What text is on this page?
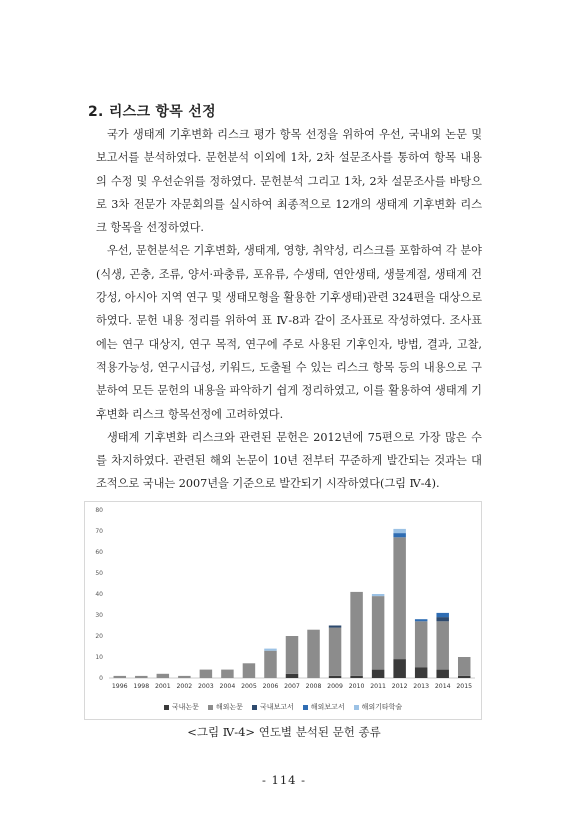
2. 리스크 항목 선정

국가 생태계 기후변화 리스크 평가 항목 선정을 위하여 우선, 국내외 논문 및 보고서를 분석하였다. 문헌분석 이외에 1차, 2차 설문조사를 통하여 항목 내용의 수정 및 우선순위를 정하였다. 문헌분석 그리고 1차, 2차 설문조사를 바탕으로 3차 전문가 자문회의를 실시하여 최종적으로 12개의 생태계 기후변화 리스크 항목을 선정하였다.

우선, 문헌분석은 기후변화, 생태계, 영향, 취약성, 리스크를 포함하여 각 분야(식생, 곤충, 조류, 양서·파충류, 포유류, 수생태, 연안생태, 생물계절, 생태계 건강성, 아시아 지역 연구 및 생태모형을 활용한 기후생태)관련 324편을 대상으로 하였다. 문헌 내용 정리를 위하여 표 Ⅳ-8과 같이 조사표로 작성하였다. 조사표에는 연구 대상지, 연구 목적, 연구에 주로 사용된 기후인자, 방법, 결과, 고찰, 적용가능성, 연구시급성, 키워드, 도출될 수 있는 리스크 항목 등의 내용으로 구분하여 모든 문헌의 내용을 파악하기 쉽게 정리하였고, 이를 활용하여 생태계 기후변화 리스크 항목선정에 고려하였다.

생태계 기후변화 리스크와 관련된 문헌은 2012년에 75편으로 가장 많은 수를 차지하였다. 관련된 해외 논문이 10년 전부터 꾸준하게 발간되는 것과는 대조적으로 국내는 2007년을 기준으로 발간되기 시작하였다(그림 Ⅳ-4).

0
10
20
30
40
50
60
70
80
1996 1998 2001 2002 2003 2004 2005 2006 2007 2008 2009 2010 2011 2012 2013 2014 2015
국내논문 해외논문 국내보고서 해외보고서 해외기타학술
<그림 Ⅳ-4> 연도별 분석된 문헌 종류
- 114 -
